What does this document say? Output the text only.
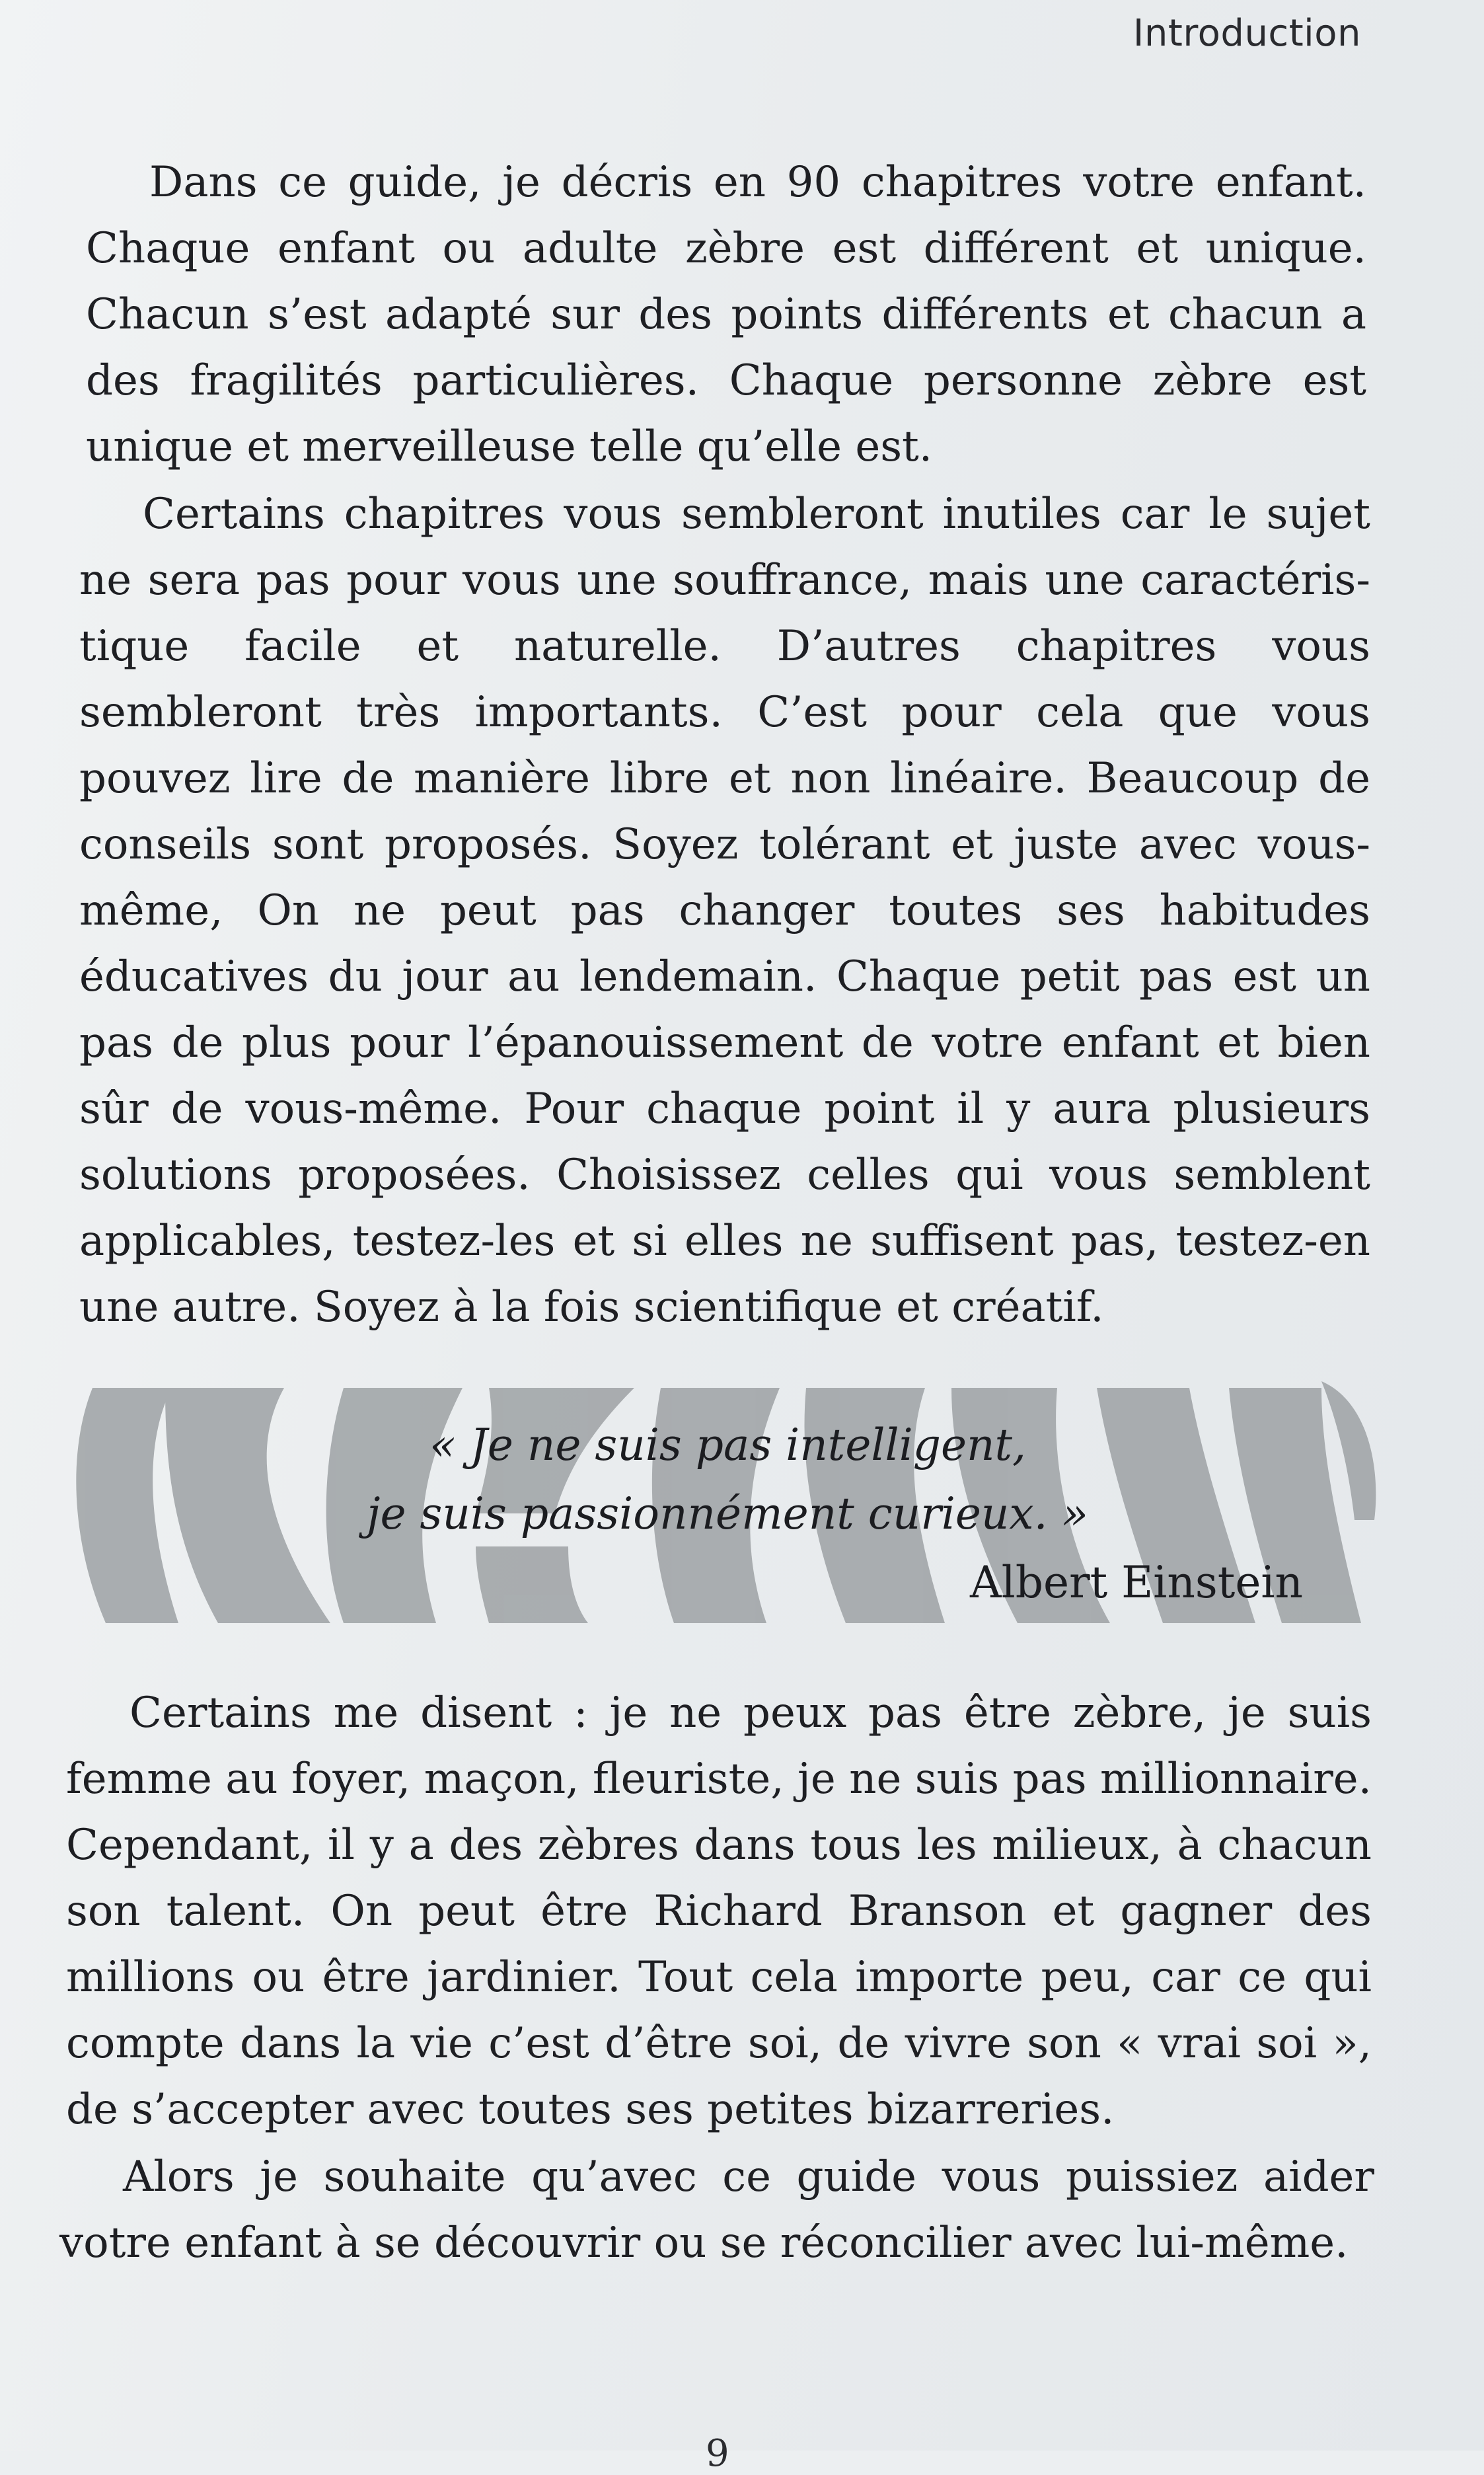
Introduction

Dans ce guide, je décris en 90 chapitres votre enfant. Chaque enfant ou adulte zèbre est différent et unique. Chacun s’est adapté sur des points différents et chacun a des fragilités particulières. Chaque personne zèbre est unique et merveilleuse telle qu’elle est.

Certains chapitres vous sembleront inutiles car le sujet ne sera pas pour vous une souffrance, mais une caractéristique facile et naturelle. D’autres chapitres vous sembleront très importants. C’est pour cela que vous pouvez lire de manière libre et non linéaire. Beaucoup de conseils sont proposés. Soyez tolérant et juste avec vous-même, On ne peut pas changer toutes ses habitudes éducatives du jour au lendemain. Chaque petit pas est un pas de plus pour l’épanouissement de votre enfant et bien sûr de vous-même. Pour chaque point il y aura plusieurs solutions proposées. Choisissez celles qui vous semblent applicables, testez-les et si elles ne suffisent pas, testez-en une autre. Soyez à la fois scientifique et créatif.

« Je ne suis pas intelligent,
je suis passionnément curieux. »
Albert Einstein

Certains me disent : je ne peux pas être zèbre, je suis femme au foyer, maçon, fleuriste, je ne suis pas millionnaire. Cependant, il y a des zèbres dans tous les milieux, à chacun son talent. On peut être Richard Branson et gagner des millions ou être jardinier. Tout cela importe peu, car ce qui compte dans la vie c’est d’être soi, de vivre son « vrai soi », de s’accepter avec toutes ses petites bizarreries.

Alors je souhaite qu’avec ce guide vous puissiez aider votre enfant à se découvrir ou se réconcilier avec lui-même.

9
